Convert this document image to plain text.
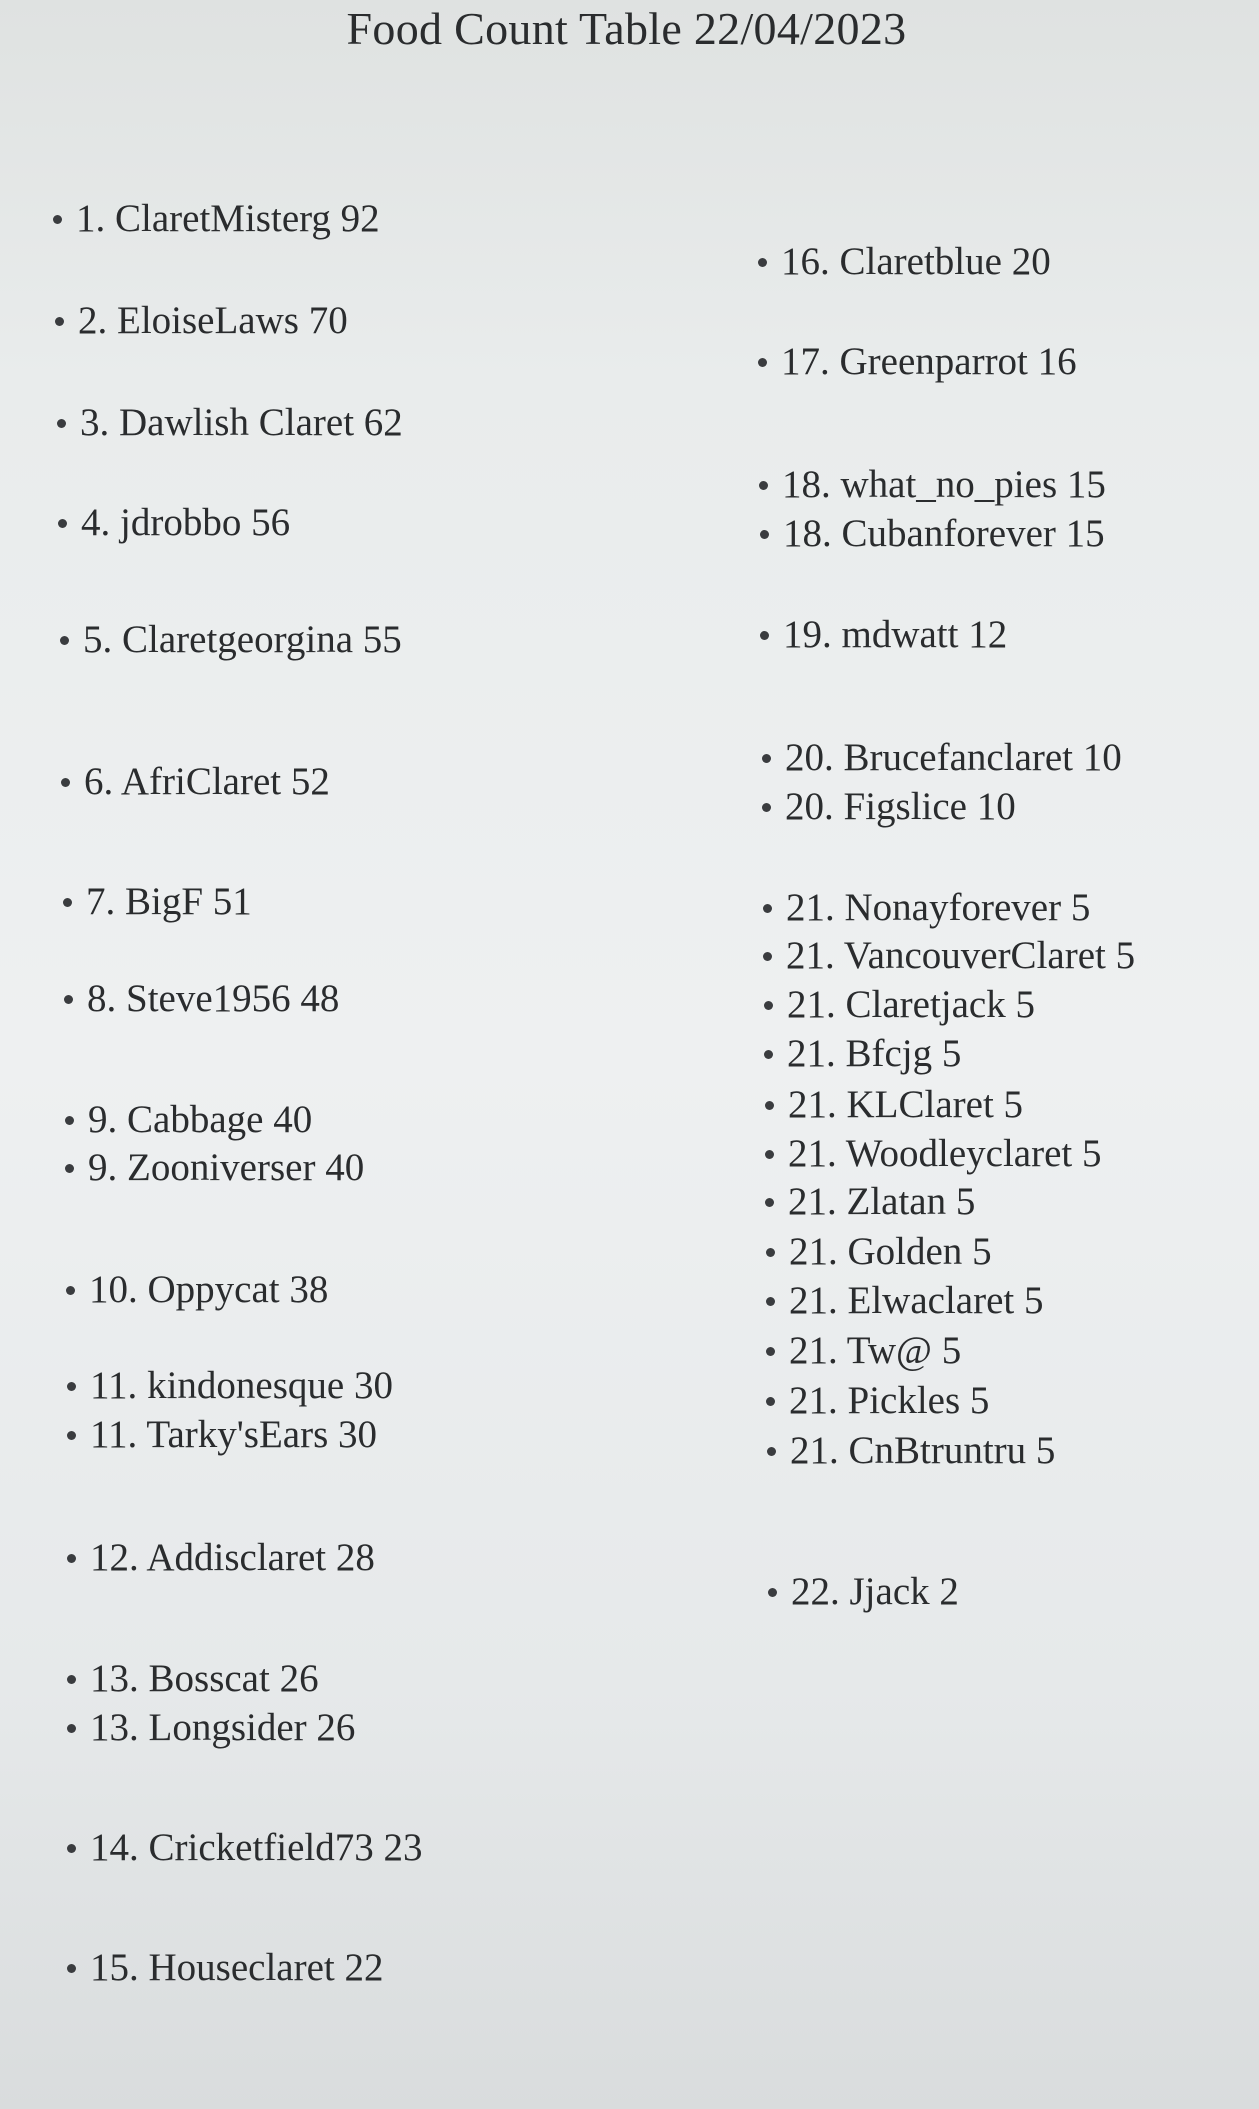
Food Count Table 22/04/2023
1. ClaretMisterg 92
2. EloiseLaws 70
3. Dawlish Claret 62
4. jdrobbo 56
5. Claretgeorgina 55
6. AfriClaret 52
7. BigF 51
8. Steve1956 48
9. Cabbage 40
9. Zooniverser 40
10. Oppycat 38
11. kindonesque 30
11. Tarky'sEars 30
12. Addisclaret 28
13. Bosscat 26
13. Longsider 26
14. Cricketfield73 23
15. Houseclaret 22
16. Claretblue 20
17. Greenparrot 16
18. what_no_pies 15
18. Cubanforever 15
19. mdwatt 12
20. Brucefanclaret 10
20. Figslice 10
21. Nonayforever 5
21. VancouverClaret 5
21. Claretjack 5
21. Bfcjg 5
21. KLClaret 5
21. Woodleyclaret 5
21. Zlatan 5
21. Golden 5
21. Elwaclaret 5
21. Tw@ 5
21. Pickles 5
21. CnBtruntru 5
22. Jjack 2
